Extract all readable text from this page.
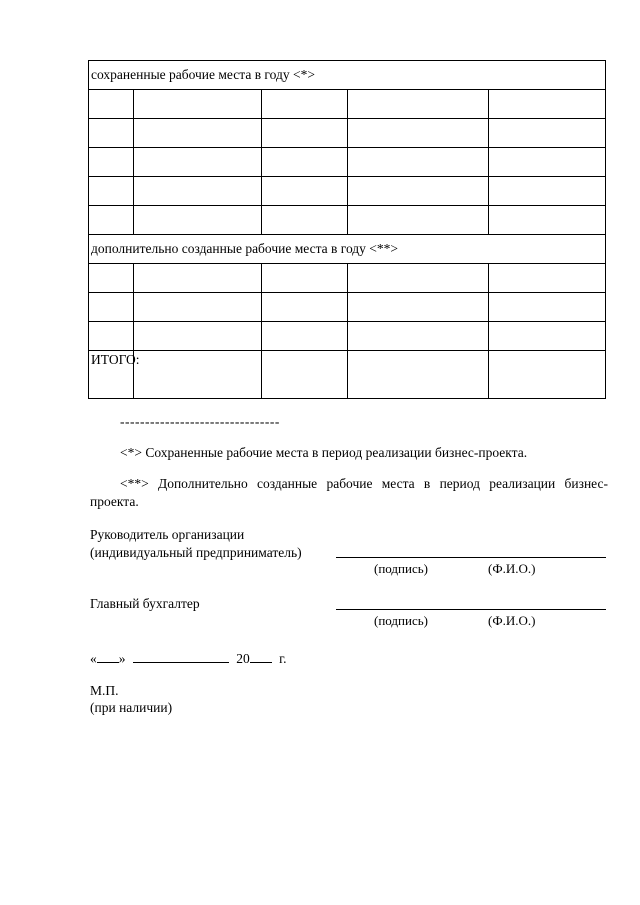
сохраненные рабочие места в году <*>
дополнительно созданные рабочие места в году <**>
ИТОГО:
--------------------------------
<*> Сохраненные рабочие места в период реализации бизнес-проекта.
<**> Дополнительно созданные рабочие места в период реализации бизнес-проекта.
Руководитель организации
(индивидуальный предприниматель)
(подпись)	(Ф.И.О.)
Главный бухгалтер
(подпись)	(Ф.И.О.)
« »	20 г.
М.П.
(при наличии)
